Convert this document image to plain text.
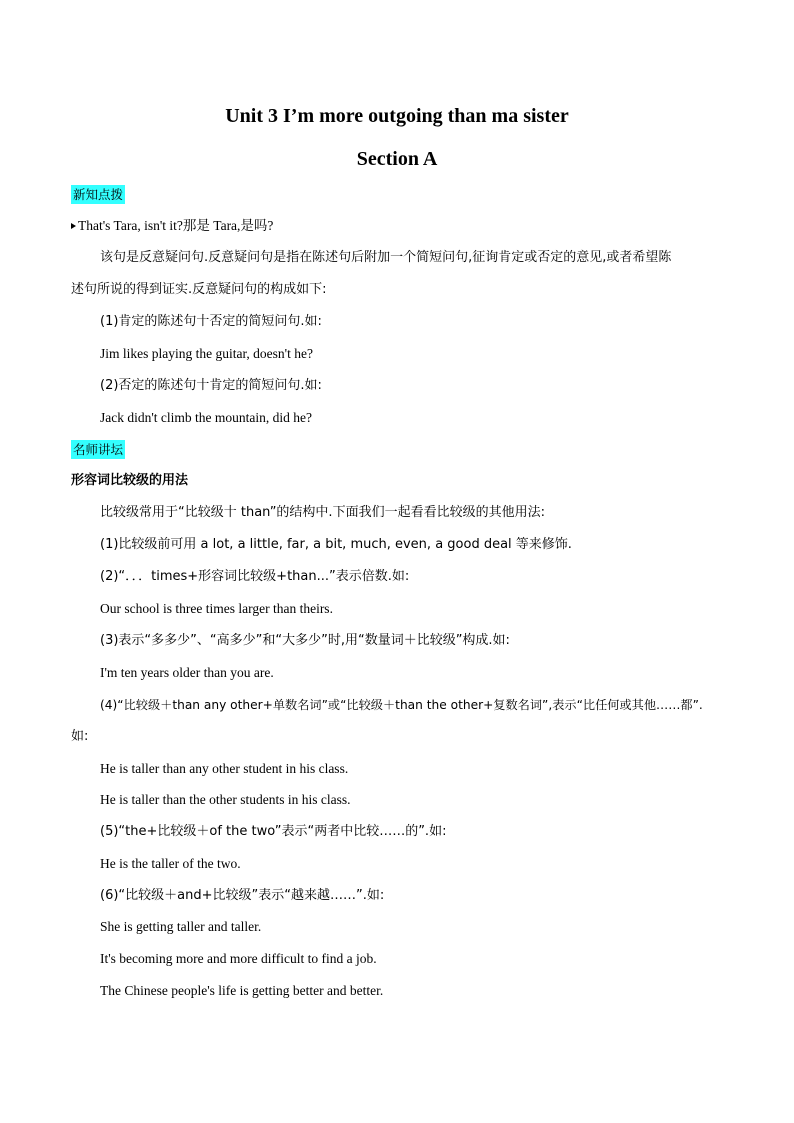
Unit 3 I’m more outgoing than ma sister
Section A
新知点拨
That's Tara, isn't it?那是 Tara,是吗?
该句是反意疑问句.反意疑问句是指在陈述句后附加一个简短问句,征询肯定或否定的意见,或者希望陈
述句所说的得到证实.反意疑问句的构成如下:
(1)肯定的陈述句十否定的简短问句.如:
Jim likes playing the guitar, doesn't he?
(2)否定的陈述句十肯定的简短问句.如:
Jack didn't climb the mountain, did he?
名师讲坛
形容词比较级的用法
比较级常用于“比较级十 than”的结构中.下面我们一起看看比较级的其他用法:
(1)比较级前可用 a lot, a little, far, a bit, much, even, a good deal 等来修饰.
(2)“．．．times+形容词比较级+than...”表示倍数.如:
Our school is three times larger than theirs.
(3)表示“多多少”、“高多少”和“大多少”时,用“数量词＋比较级”构成.如:
I'm ten years older than you are.
(4)“比较级＋than any other+单数名词”或“比较级＋than the other+复数名词”,表示“比任何或其他……都”.
如:
He is taller than any other student in his class.
He is taller than the other students in his class.
(5)“the+比较级＋of the two”表示“两者中比较……的”.如:
He is the taller of the two.
(6)“比较级＋and+比较级”表示“越来越……”.如:
She is getting taller and taller.
It's becoming more and more difficult to find a job.
The Chinese people's life is getting better and better.
